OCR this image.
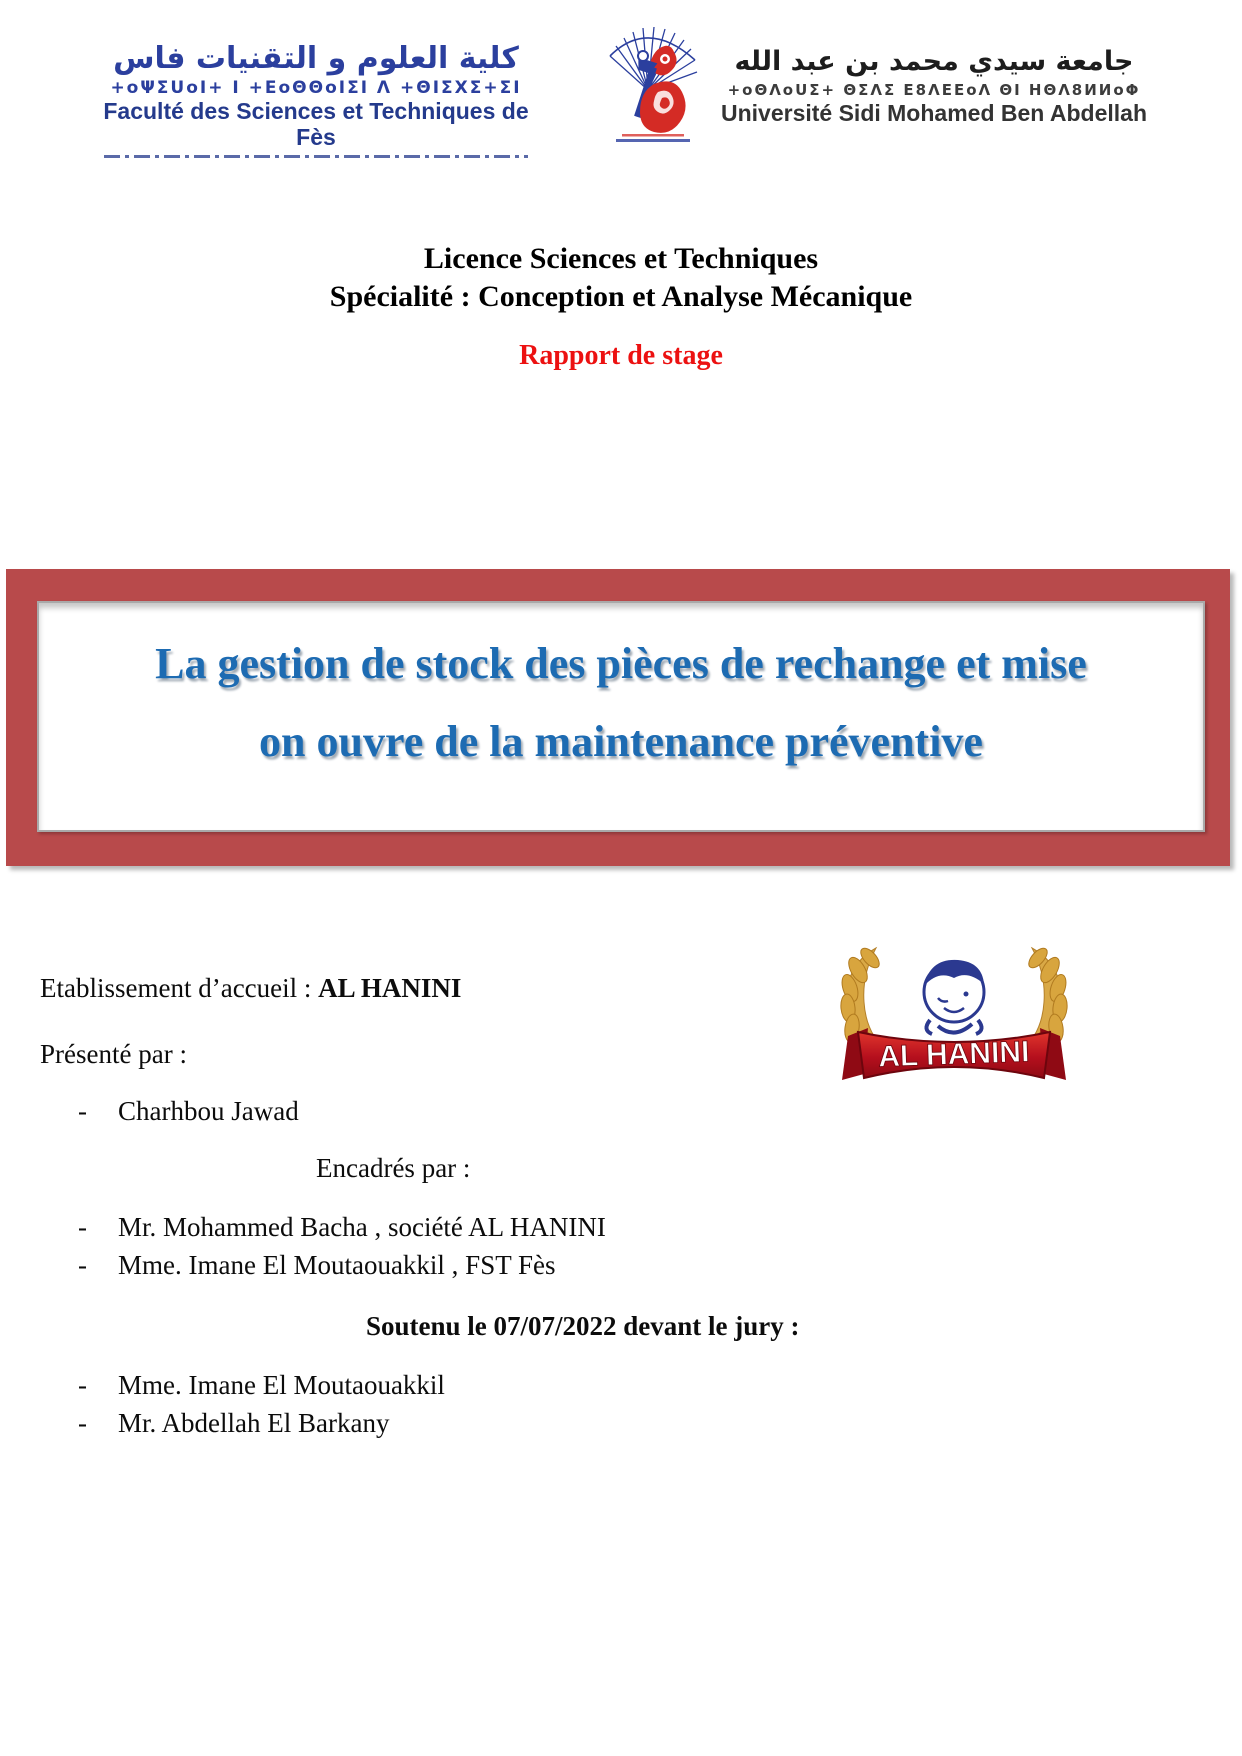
كلية العلوم و التقنيات فاس
+oΨΣUoI+ I +ΕoΘΘoIΣI Λ +ΘIΣΧΣ+ΣI
Faculté des Sciences et Techniques de Fès
جامعة سيدي محمد بن عبد الله
+oΘΛoUΣ+ ΘΣΛΣ Ε8ΛΕΕoΛ ΘΙ ΗΘΛ8ИИoΦ
Université Sidi Mohamed Ben Abdellah
Licence Sciences et Techniques
Spécialité : Conception et Analyse Mécanique
Rapport de stage
La gestion de stock des pièces de rechange et mise
on ouvre de la maintenance préventive
Etablissement d’accueil : AL HANINI
AL HANINI
Présenté par :
- Charhbou Jawad
Encadrés par :
- Mr. Mohammed Bacha , société AL HANINI
- Mme. Imane El Moutaouakkil , FST Fès
Soutenu le 07/07/2022 devant le jury :
- Mme. Imane El Moutaouakkil
- Mr. Abdellah El Barkany
